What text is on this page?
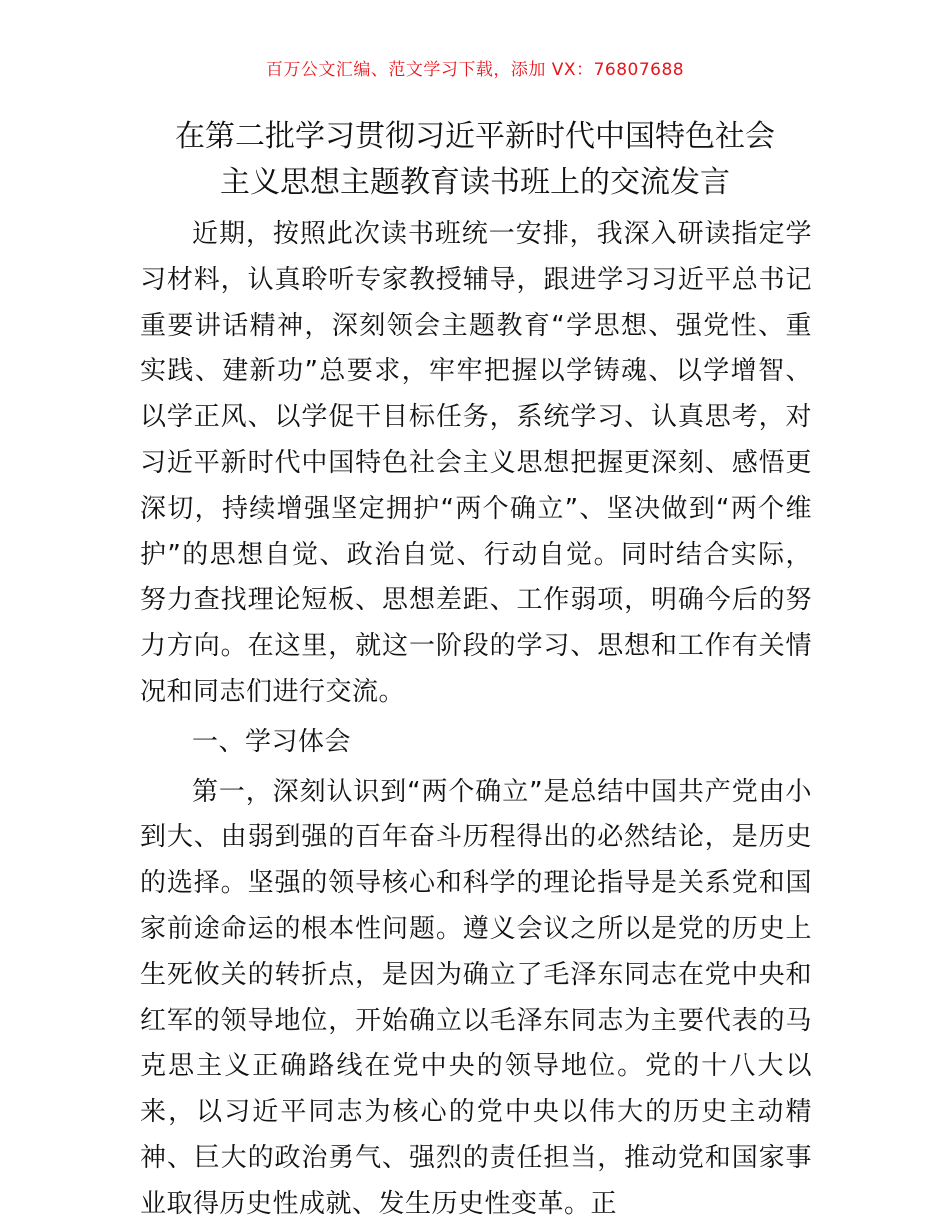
百万公文汇编、范文学习下载，添加 VX：76807688
在第二批学习贯彻习近平新时代中国特色社会
主义思想主题教育读书班上的交流发言

近期，按照此次读书班统一安排，我深入研读指定学习材料，认真聆听专家教授辅导，跟进学习习近平总书记重要讲话精神，深刻领会主题教育“学思想、强党性、重实践、建新功”总要求，牢牢把握以学铸魂、以学增智、以学正风、以学促干目标任务，系统学习、认真思考，对习近平新时代中国特色社会主义思想把握更深刻、感悟更深切，持续增强坚定拥护“两个确立”、坚决做到“两个维护”的思想自觉、政治自觉、行动自觉。同时结合实际，努力查找理论短板、思想差距、工作弱项，明确今后的努力方向。在这里，就这一阶段的学习、思想和工作有关情况和同志们进行交流。

一、学习体会

第一，深刻认识到“两个确立”是总结中国共产党由小到大、由弱到强的百年奋斗历程得出的必然结论，是历史的选择。坚强的领导核心和科学的理论指导是关系党和国家前途命运的根本性问题。遵义会议之所以是党的历史上生死攸关的转折点，是因为确立了毛泽东同志在党中央和红军的领导地位，开始确立以毛泽东同志为主要代表的马克思主义正确路线在党中央的领导地位。党的十八大以来，以习近平同志为核心的党中央以伟大的历史主动精神、巨大的政治勇气、强烈的责任担当，推动党和国家事业取得历史性成就、发生历史性变革。正
